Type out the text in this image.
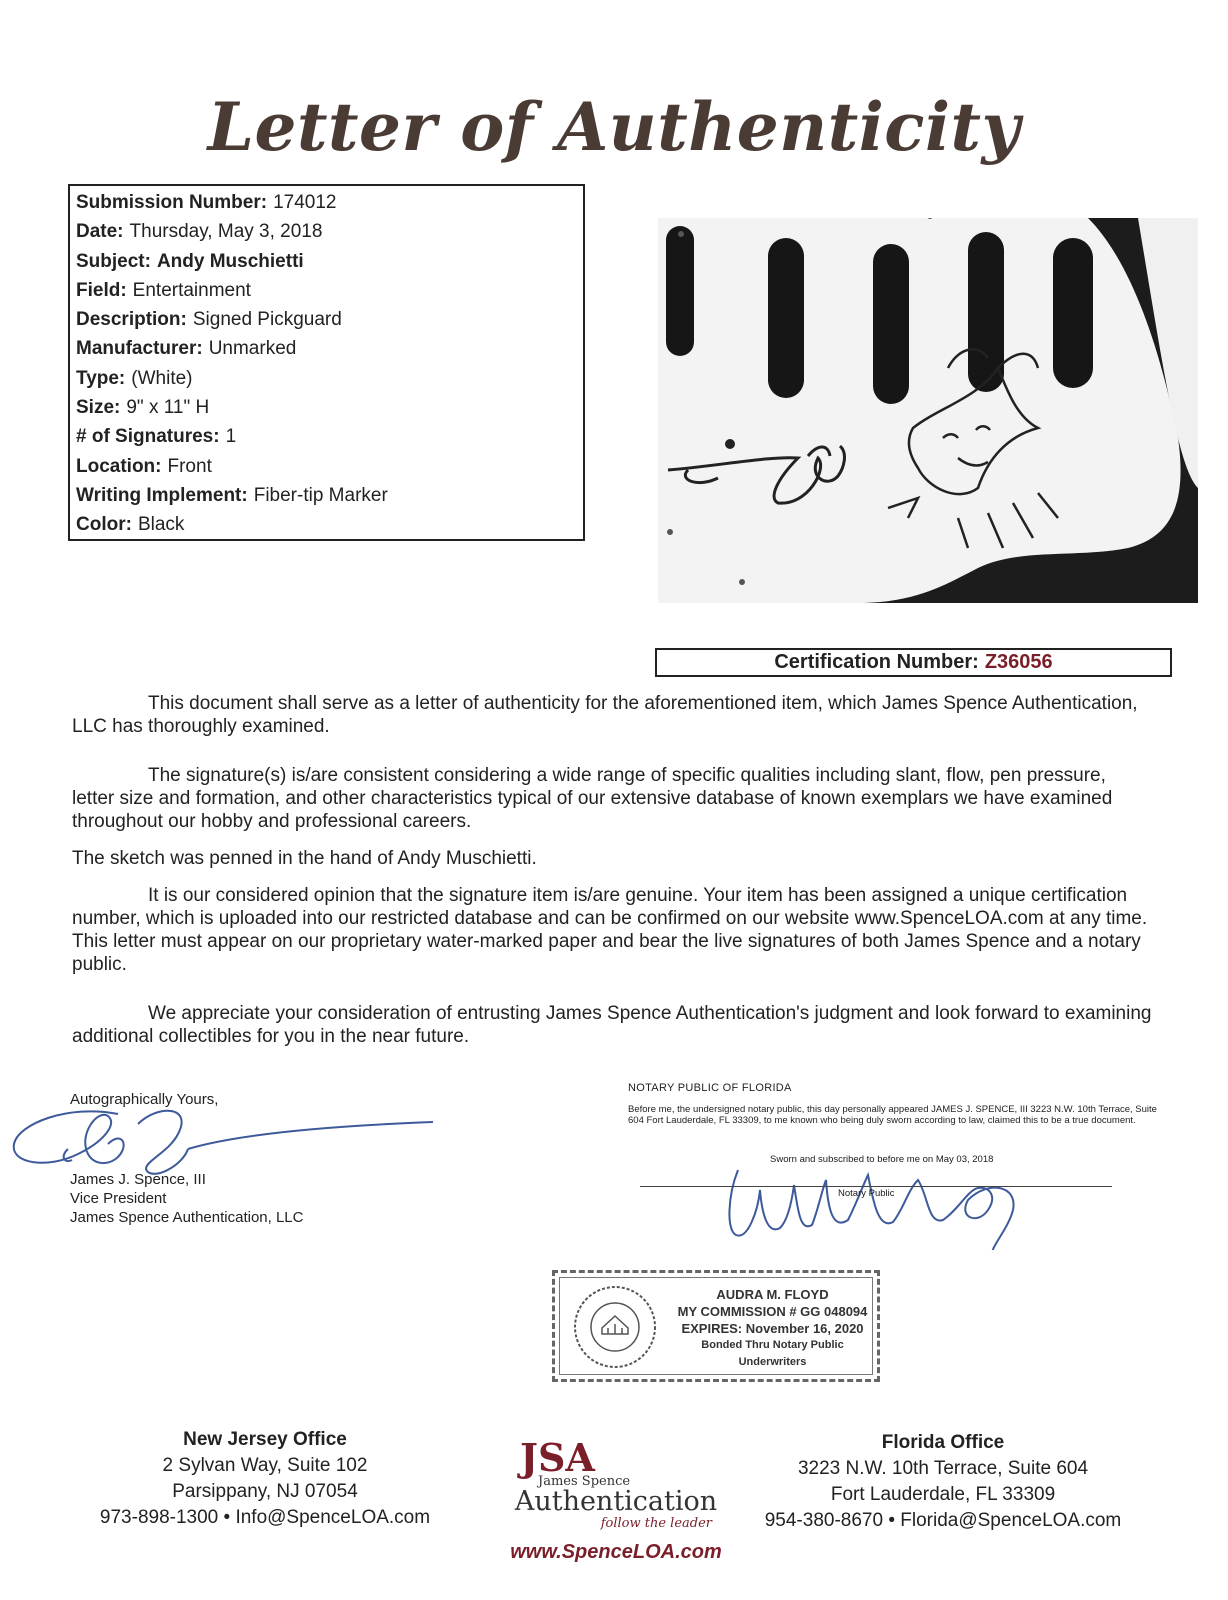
Letter of Authenticity
Submission Number: 174012
Date: Thursday, May 3, 2018
Subject: Andy Muschietti
Field: Entertainment
Description: Signed Pickguard
Manufacturer: Unmarked
Type: (White)
Size: 9" x 11" H
# of Signatures: 1
Location: Front
Writing Implement: Fiber-tip Marker
Color: Black
Certification Number: Z36056
This document shall serve as a letter of authenticity for the aforementioned item, which James Spence Authentication, LLC has thoroughly examined.
The signature(s) is/are consistent considering a wide range of specific qualities including slant, flow, pen pressure, letter size and formation, and other characteristics typical of our extensive database of known exemplars we have examined throughout our hobby and professional careers.
The sketch was penned in the hand of Andy Muschietti.
It is our considered opinion that the signature item is/are genuine. Your item has been assigned a unique certification number, which is uploaded into our restricted database and can be confirmed on our website www.SpenceLOA.com at any time. This letter must appear on our proprietary water-marked paper and bear the live signatures of both James Spence and a notary public.
We appreciate your consideration of entrusting James Spence Authentication's judgment and look forward to examining additional collectibles for you in the near future.
Autographically Yours,
James J. Spence, III
Vice President
James Spence Authentication, LLC
NOTARY PUBLIC OF FLORIDA
Before me, the undersigned notary public, this day personally appeared JAMES J. SPENCE, III 3223 N.W. 10th Terrace, Suite 604 Fort Lauderdale, FL 33309, to me known who being duly sworn according to law, claimed this to be a true document.
Sworn and subscribed to before me on May 03, 2018
Notary Public
AUDRA M. FLOYD
MY COMMISSION # GG 048094
EXPIRES: November 16, 2020
Bonded Thru Notary Public Underwriters
New Jersey Office
2 Sylvan Way, Suite 102
Parsippany, NJ 07054
973-898-1300 • Info@SpenceLOA.com
JSA
James Spence
Authentication
follow the leader
www.SpenceLOA.com
Florida Office
3223 N.W. 10th Terrace, Suite 604
Fort Lauderdale, FL 33309
954-380-8670 • Florida@SpenceLOA.com
